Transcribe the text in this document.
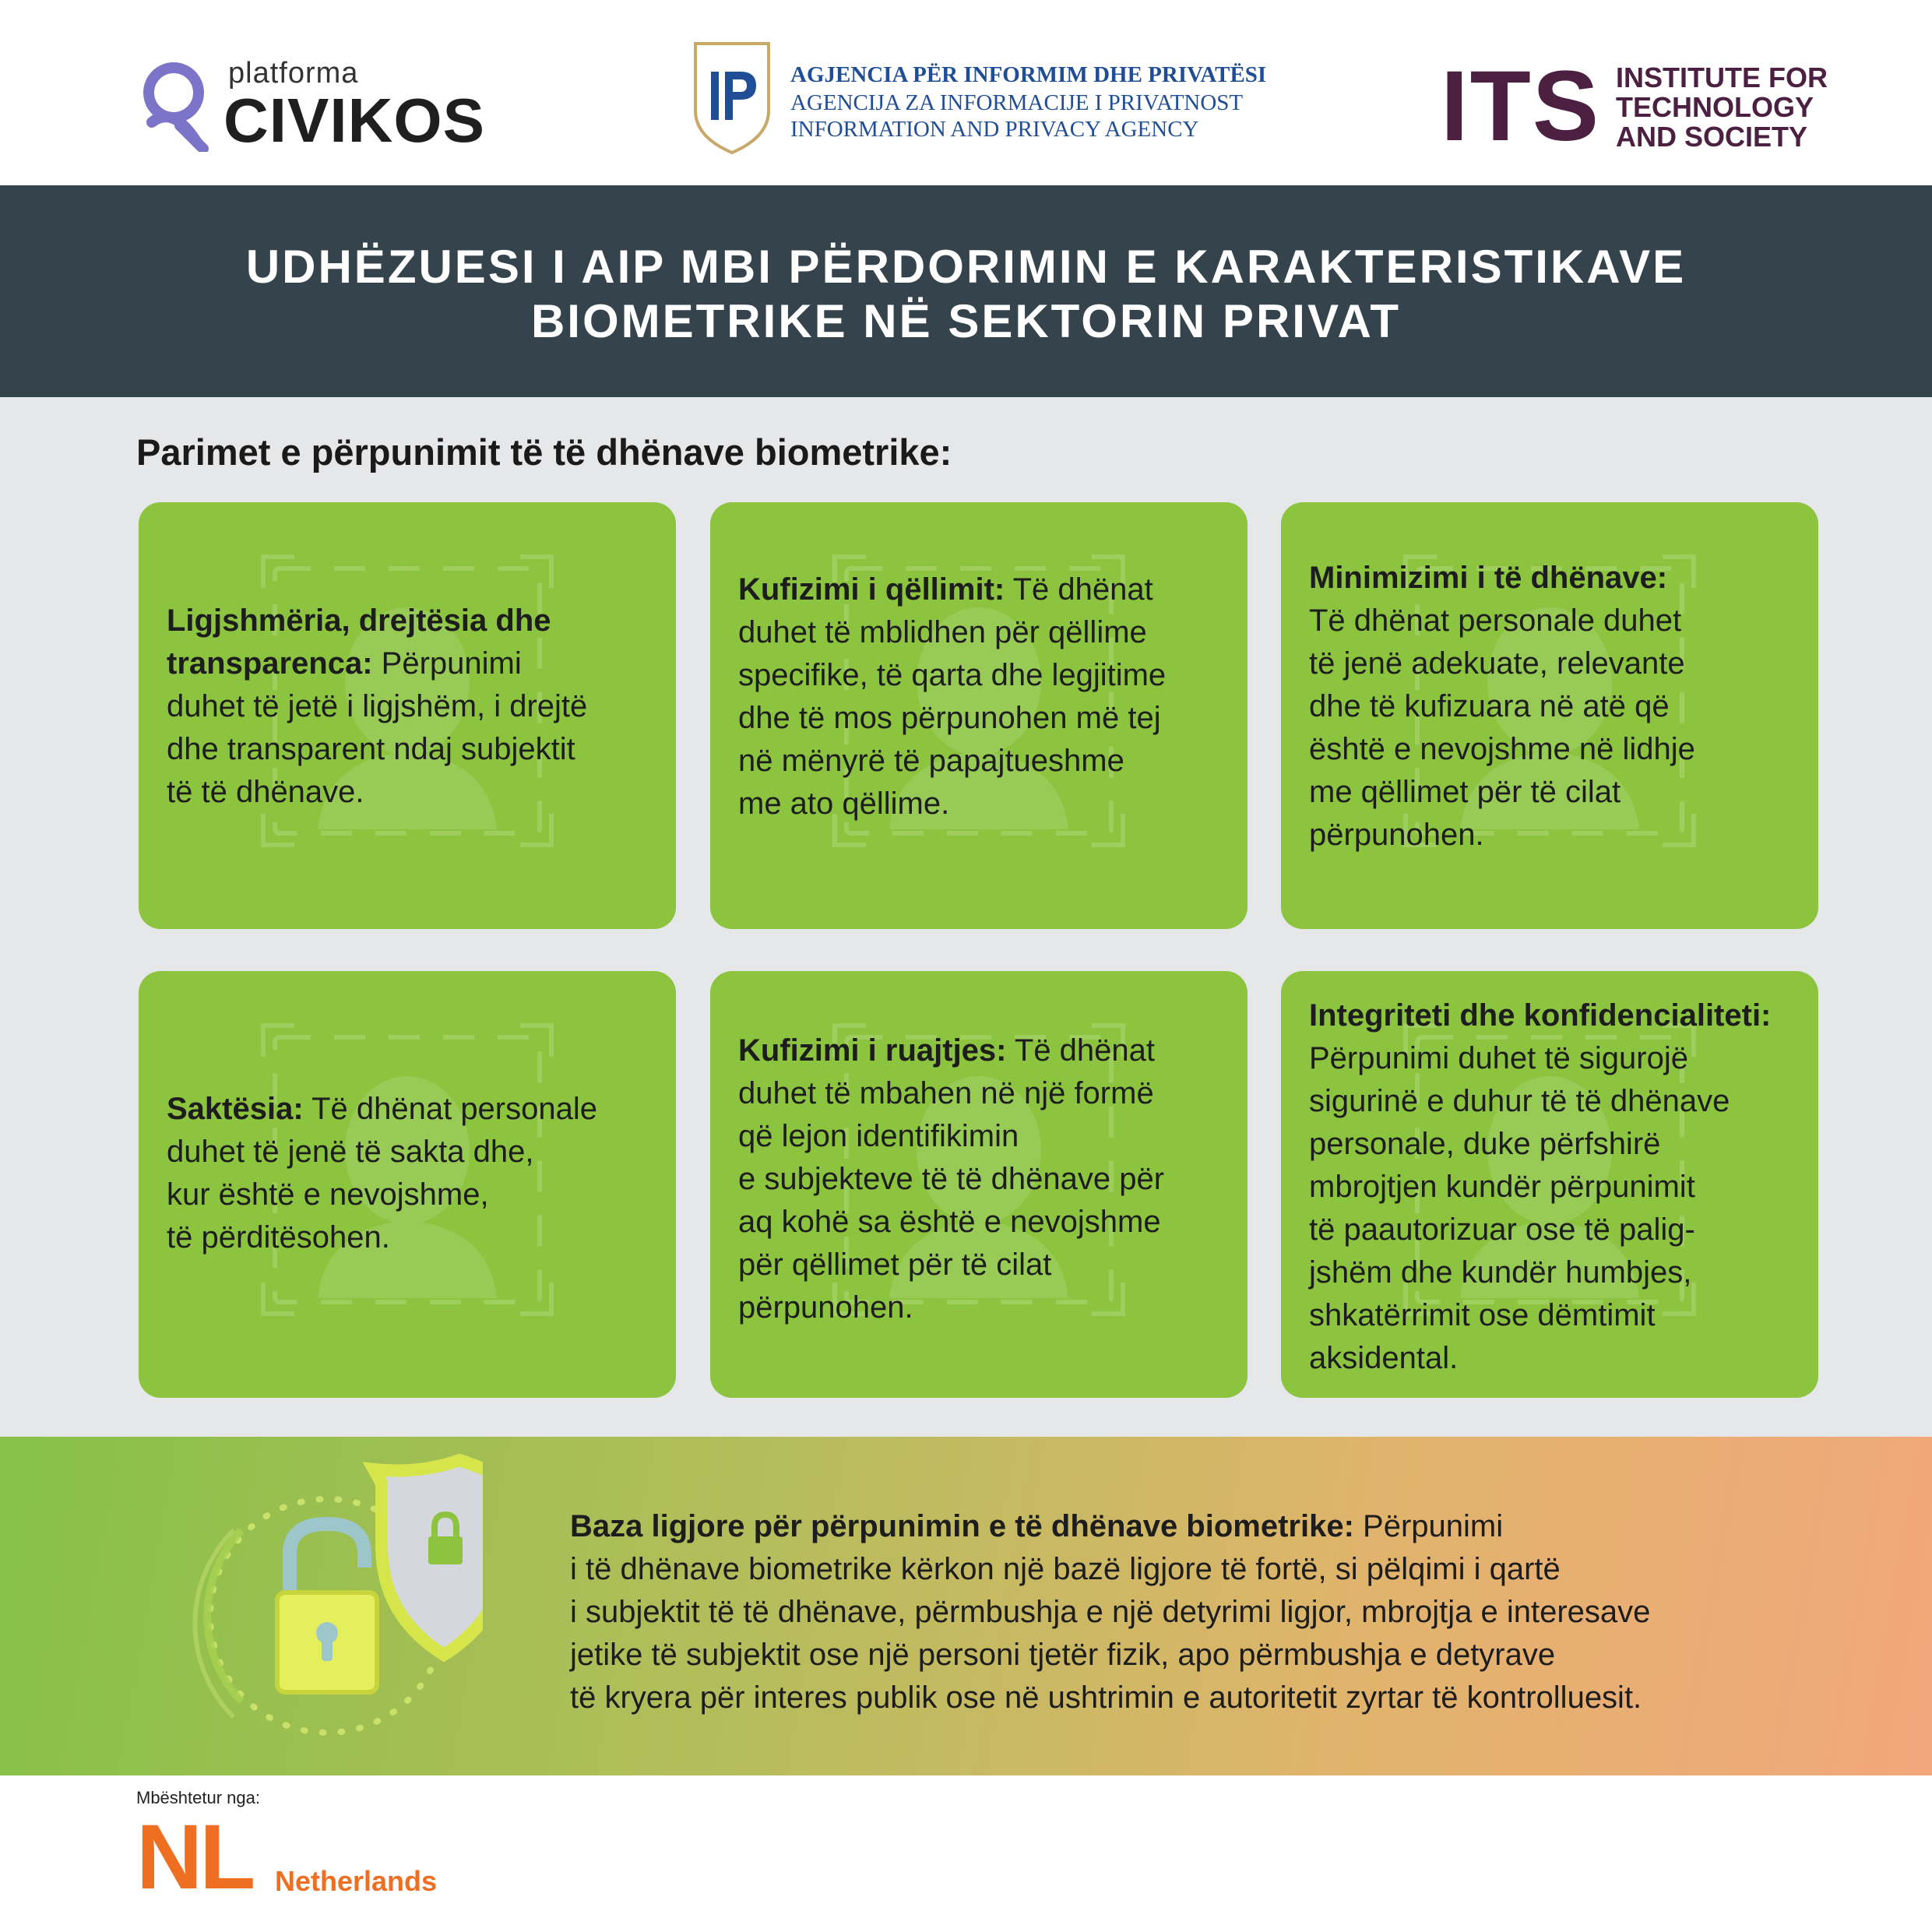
platforma
CIVIKOS
AGJENCIA PËR INFORMIM DHE PRIVATËSI
AGENCIJA ZA INFORMACIJE I PRIVATNOST
INFORMATION AND PRIVACY AGENCY ITS INSTITUTE FOR
TECHNOLOGY
AND SOCIETY
UDHËZUESI I AIP MBI PËRDORIMIN E KARAKTERISTIKAVE
BIOMETRIKE NË SEKTORIN PRIVAT
Parimet e përpunimit të të dhënave biometrike:
Ligjshmëria, drejtësia dhe
transparenca: Përpunimi
duhet të jetë i ligjshëm, i drejtë
dhe transparent ndaj subjektit
të të dhënave.
Kufizimi i qëllimit: Të dhënat
duhet të mblidhen për qëllime
specifike, të qarta dhe legjitime
dhe të mos përpunohen më tej
në mënyrë të papajtueshme
me ato qëllime.
Minimizimi i të dhënave:
Të dhënat personale duhet
të jenë adekuate, relevante
dhe të kufizuara në atë që
është e nevojshme në lidhje
me qëllimet për të cilat
përpunohen.
Saktësia: Të dhënat personale
duhet të jenë të sakta dhe,
kur është e nevojshme,
të përditësohen.
Kufizimi i ruajtjes: Të dhënat
duhet të mbahen në një formë
që lejon identifikimin
e subjekteve të të dhënave për
aq kohë sa është e nevojshme
për qëllimet për të cilat
përpunohen.
Integriteti dhe konfidencialiteti:
Përpunimi duhet të sigurojë
sigurinë e duhur të të dhënave
personale, duke përfshirë
mbrojtjen kundër përpunimit
të paautorizuar ose të palig-
jshëm dhe kundër humbjes,
shkatërrimit ose dëmtimit
aksidental.
Baza ligjore për përpunimin e të dhënave biometrike: Përpunimi
i të dhënave biometrike kërkon një bazë ligjore të fortë, si pëlqimi i qartë
i subjektit të të dhënave, përmbushja e një detyrimi ligjor, mbrojtja e interesave
jetike të subjektit ose një personi tjetër fizik, apo përmbushja e detyrave
të kryera për interes publik ose në ushtrimin e autoritetit zyrtar të kontrolluesit.
Mbështetur nga:
NL Netherlands
